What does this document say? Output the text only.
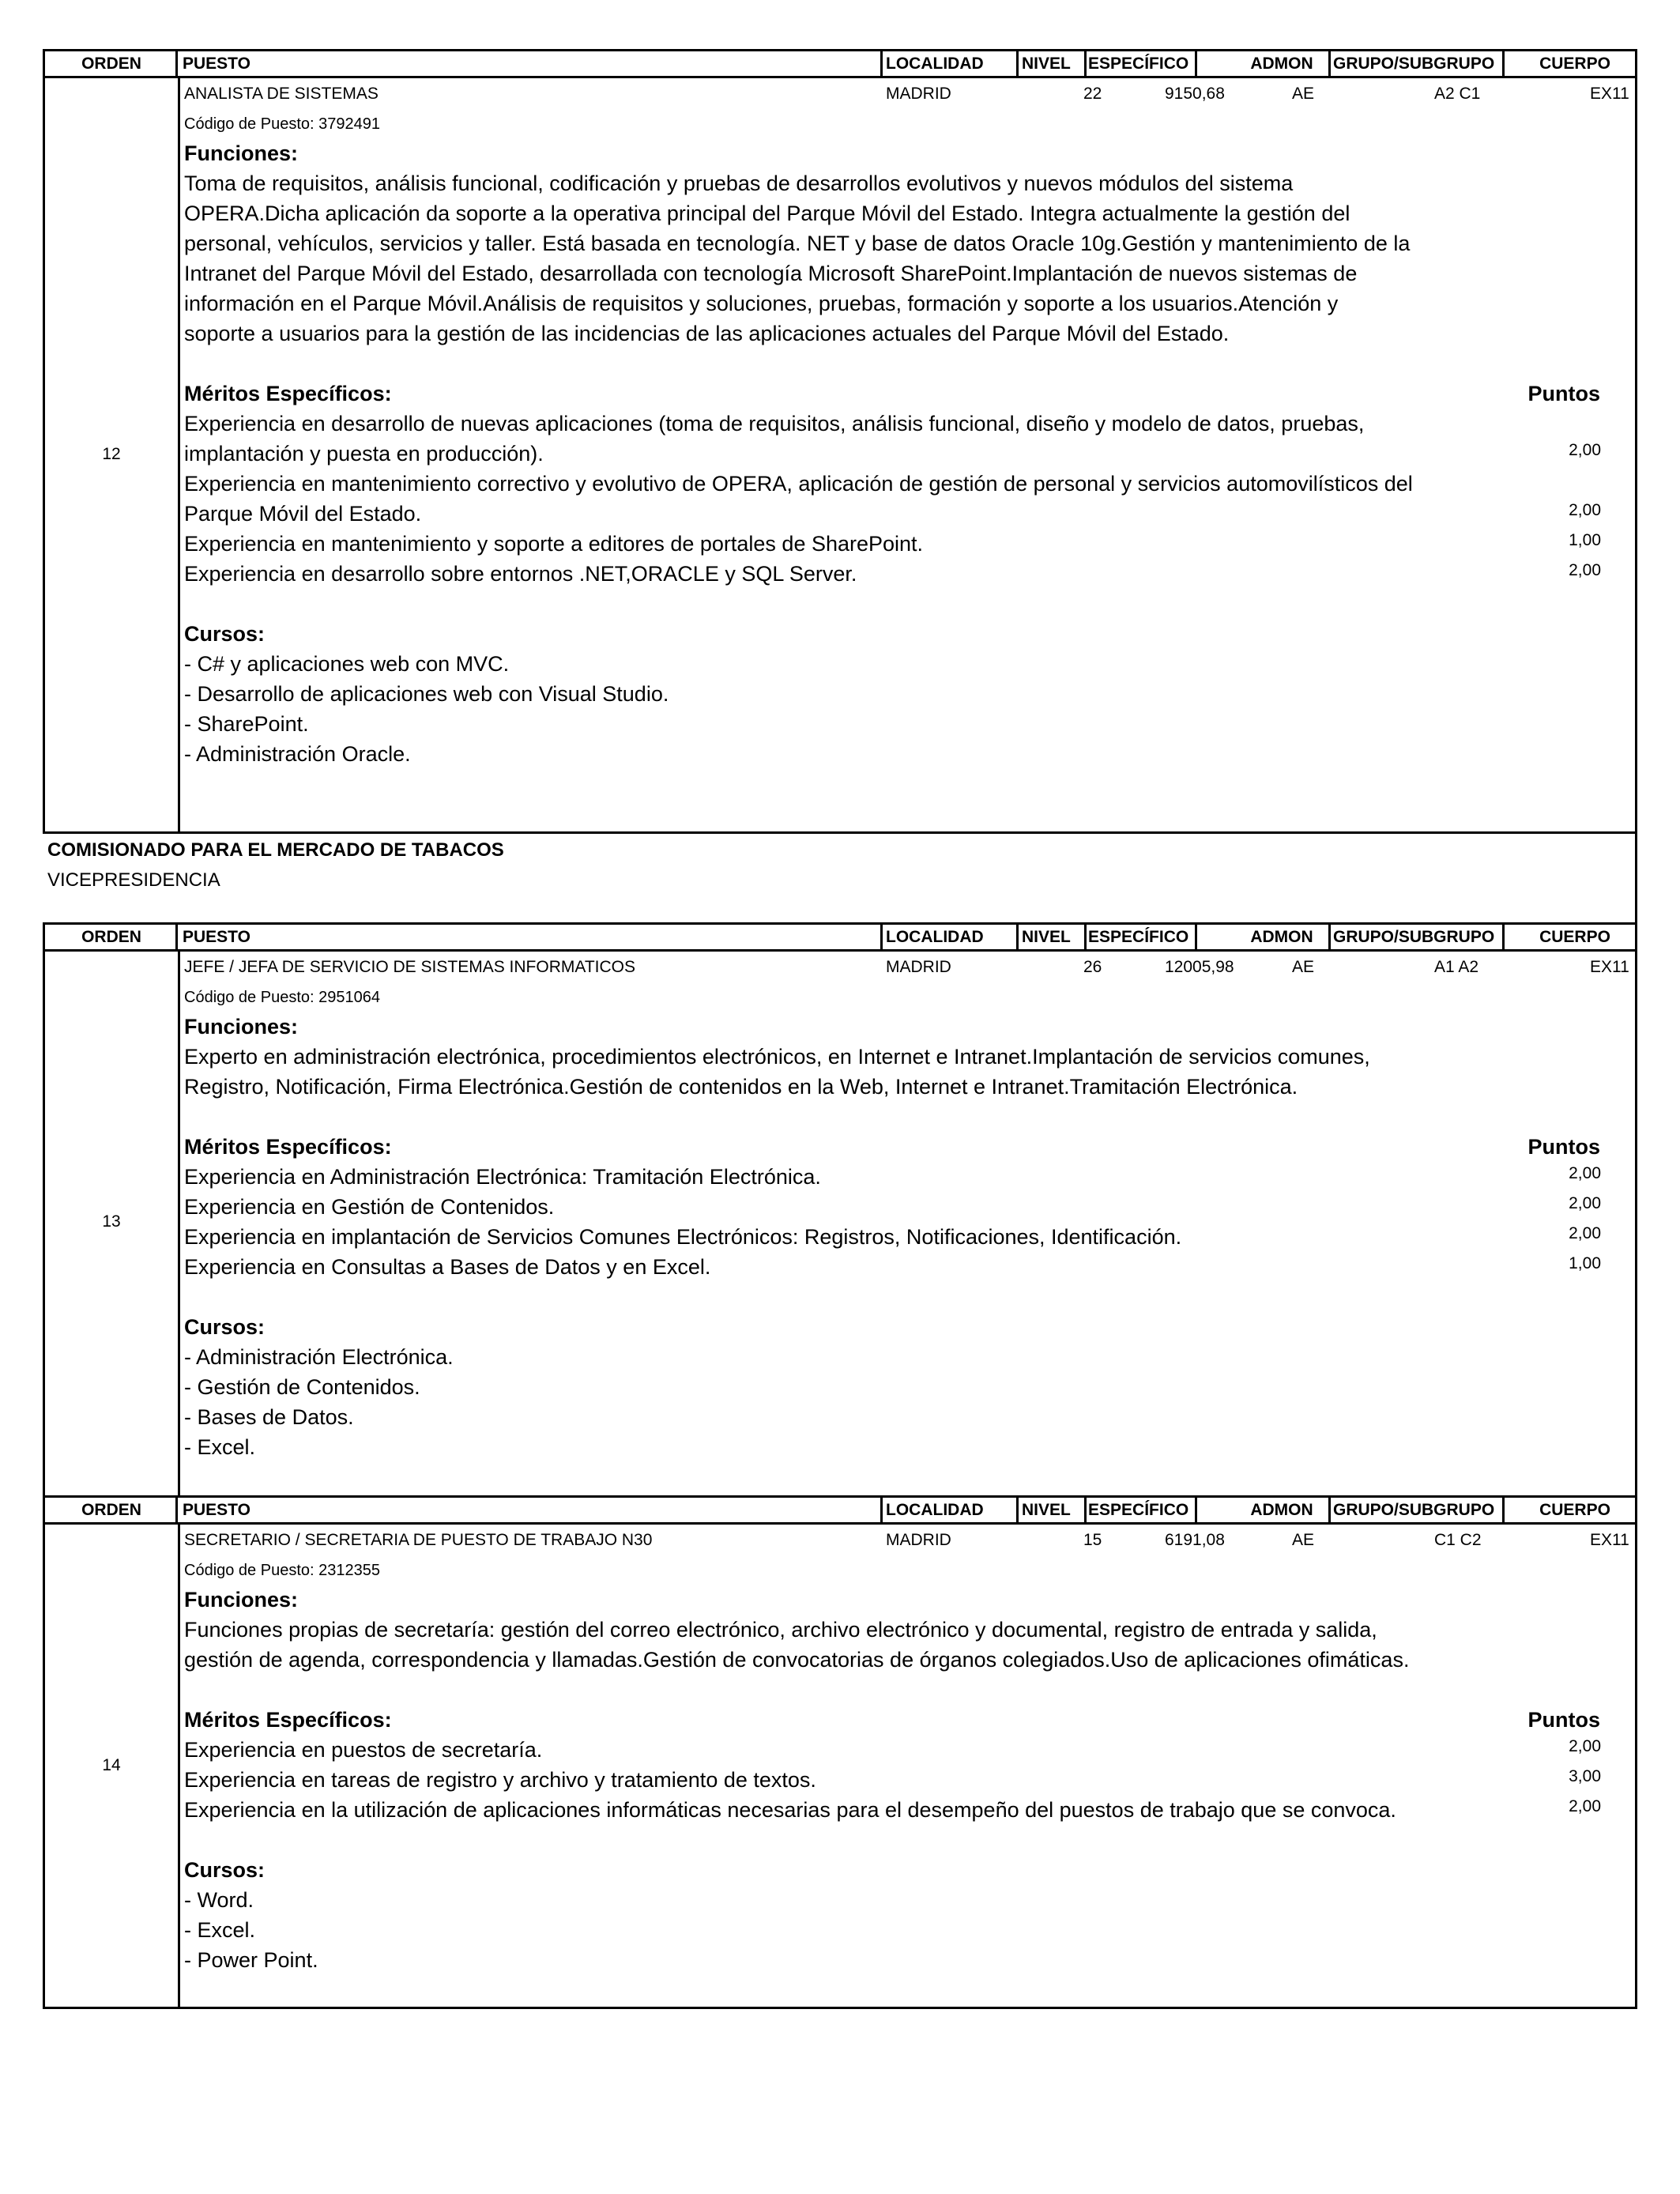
ORDEN	PUESTO	LOCALIDAD	NIVEL ESPECÍFICO	ADMON	GRUPO/SUBGRUPO	CUERPO
12
ANALISTA DE SISTEMAS	MADRID	22	9150,68	AE	A2 C1	EX11
Código de Puesto: 3792491
Funciones:
Toma de requisitos, análisis funcional, codificación y pruebas de desarrollos evolutivos y nuevos módulos del sistema
OPERA.Dicha aplicación da soporte a la operativa principal del Parque Móvil del Estado. Integra actualmente la gestión del
personal, vehículos, servicios y taller. Está basada en tecnología. NET y base de datos Oracle 10g.Gestión y mantenimiento de la
Intranet del Parque Móvil del Estado, desarrollada con tecnología Microsoft SharePoint.Implantación de nuevos sistemas de
información en el Parque Móvil.Análisis de requisitos y soluciones, pruebas, formación y soporte a los usuarios.Atención y
soporte a usuarios para la gestión de las incidencias de las aplicaciones actuales del Parque Móvil del Estado.
Méritos Específicos:	Puntos
Experiencia en desarrollo de nuevas aplicaciones (toma de requisitos, análisis funcional, diseño y modelo de datos, pruebas,
implantación y puesta en producción).	2,00
Experiencia en mantenimiento correctivo y evolutivo de OPERA, aplicación de gestión de personal y servicios automovilísticos del
Parque Móvil del Estado.	2,00
Experiencia en mantenimiento y soporte a editores de portales de SharePoint.	1,00
Experiencia en desarrollo sobre entornos .NET,ORACLE y SQL Server.	2,00
Cursos:
- C# y aplicaciones web con MVC.
- Desarrollo de aplicaciones web con Visual Studio.
- SharePoint.
- Administración Oracle.
COMISIONADO PARA EL MERCADO DE TABACOS
VICEPRESIDENCIA
ORDEN	PUESTO	LOCALIDAD	NIVEL ESPECÍFICO	ADMON	GRUPO/SUBGRUPO	CUERPO
13
JEFE / JEFA DE SERVICIO DE SISTEMAS INFORMATICOS	MADRID	26	12005,98	AE	A1 A2	EX11
Código de Puesto: 2951064
Funciones:
Experto en administración electrónica, procedimientos electrónicos, en Internet e Intranet.Implantación de servicios comunes,
Registro, Notificación, Firma Electrónica.Gestión de contenidos en la Web, Internet e Intranet.Tramitación Electrónica.
Méritos Específicos:	Puntos
Experiencia en Administración Electrónica: Tramitación Electrónica.	2,00
Experiencia en Gestión de Contenidos.	2,00
Experiencia en implantación de Servicios Comunes Electrónicos: Registros, Notificaciones, Identificación.	2,00
Experiencia en Consultas a Bases de Datos y en Excel.	1,00
Cursos:
- Administración Electrónica.
- Gestión de Contenidos.
- Bases de Datos.
- Excel.
ORDEN	PUESTO	LOCALIDAD	NIVEL ESPECÍFICO	ADMON	GRUPO/SUBGRUPO	CUERPO
14
SECRETARIO / SECRETARIA DE PUESTO DE TRABAJO N30	MADRID	15	6191,08	AE	C1 C2	EX11
Código de Puesto: 2312355
Funciones:
Funciones propias de secretaría: gestión del correo electrónico, archivo electrónico y documental, registro de entrada y salida,
gestión de agenda, correspondencia y llamadas.Gestión de convocatorias de órganos colegiados.Uso de aplicaciones ofimáticas.
Méritos Específicos:	Puntos
Experiencia en puestos de secretaría.	2,00
Experiencia en tareas de registro y archivo y tratamiento de textos.	3,00
Experiencia en la utilización de aplicaciones informáticas necesarias para el desempeño del puestos de trabajo que se convoca.	2,00
Cursos:
- Word.
- Excel.
- Power Point.
